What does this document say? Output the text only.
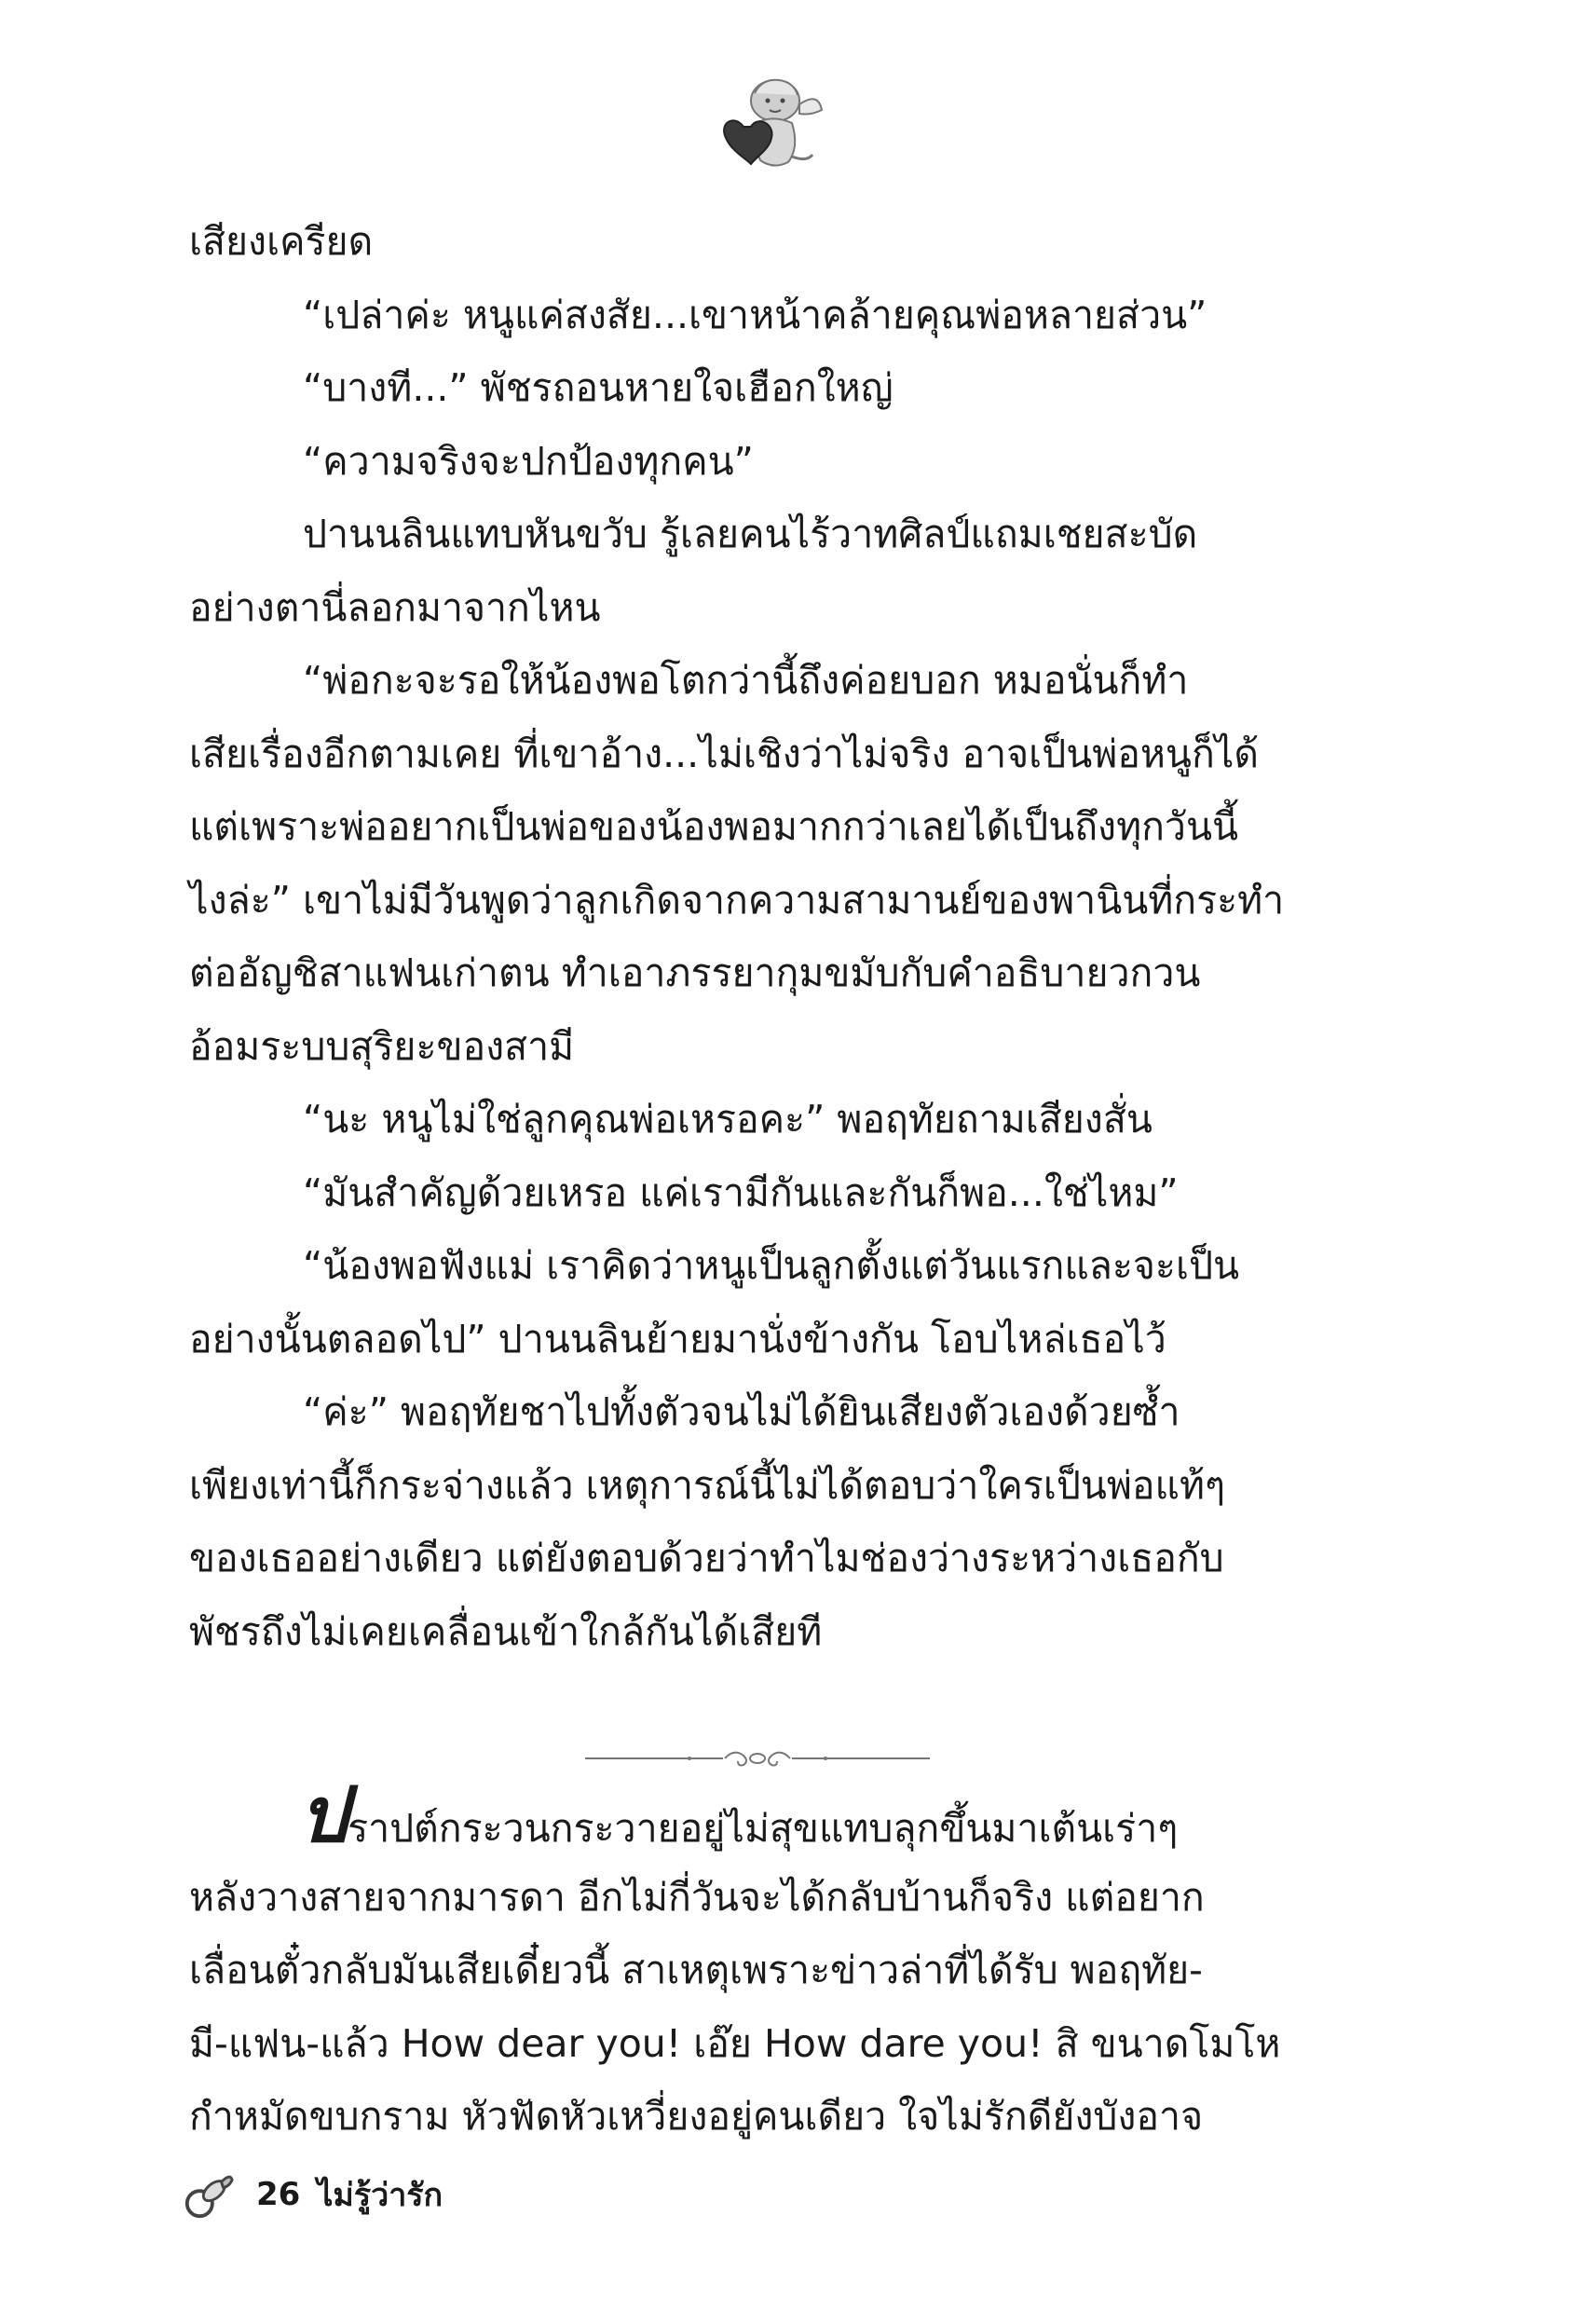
เสียงเครียด
“เปล่าค่ะ หนูแค่สงสัย...เขาหน้าคล้ายคุณพ่อหลายส่วน”
“บางที...” พัชรถอนหายใจเฮือกใหญ่
“ความจริงจะปกป้องทุกคน”
ปานนลินแทบหันขวับ รู้เลยคนไร้วาทศิลป์แถมเชยสะบัด
อย่างตานี่ลอกมาจากไหน
“พ่อกะจะรอให้น้องพอโตกว่านี้ถึงค่อยบอก หมอนั่นก็ทำ
เสียเรื่องอีกตามเคย ที่เขาอ้าง...ไม่เชิงว่าไม่จริง อาจเป็นพ่อหนูก็ได้
แต่เพราะพ่ออยากเป็นพ่อของน้องพอมากกว่าเลยได้เป็นถึงทุกวันนี้
ไงล่ะ” เขาไม่มีวันพูดว่าลูกเกิดจากความสามานย์ของพานินที่กระทำ
ต่ออัญชิสาแฟนเก่าตน ทำเอาภรรยากุมขมับกับคำอธิบายวกวน
อ้อมระบบสุริยะของสามี
“นะ หนูไม่ใช่ลูกคุณพ่อเหรอคะ” พอฤทัยถามเสียงสั่น
“มันสำคัญด้วยเหรอ แค่เรามีกันและกันก็พอ...ใช่ไหม”
“น้องพอฟังแม่ เราคิดว่าหนูเป็นลูกตั้งแต่วันแรกและจะเป็น
อย่างนั้นตลอดไป” ปานนลินย้ายมานั่งข้างกัน โอบไหล่เธอไว้
“ค่ะ” พอฤทัยชาไปทั้งตัวจนไม่ได้ยินเสียงตัวเองด้วยซ้ำ
เพียงเท่านี้ก็กระจ่างแล้ว เหตุการณ์นี้ไม่ได้ตอบว่าใครเป็นพ่อแท้ๆ
ของเธออย่างเดียว แต่ยังตอบด้วยว่าทำไมช่องว่างระหว่างเธอกับ
พัชรถึงไม่เคยเคลื่อนเข้าใกล้กันได้เสียที
ปราปต์กระวนกระวายอยู่ไม่สุขแทบลุกขึ้นมาเต้นเร่าๆ
หลังวางสายจากมารดา อีกไม่กี่วันจะได้กลับบ้านก็จริง แต่อยาก
เลื่อนตั๋วกลับมันเสียเดี๋ยวนี้ สาเหตุเพราะข่าวล่าที่ได้รับ พอฤทัย-
มี-แฟน-แล้ว How dear you! เอ๊ย How dare you! สิ ขนาดโมโห
กำหมัดขบกราม หัวฟัดหัวเหวี่ยงอยู่คนเดียว ใจไม่รักดียังบังอาจ
26 ไม่รู้ว่ารัก
